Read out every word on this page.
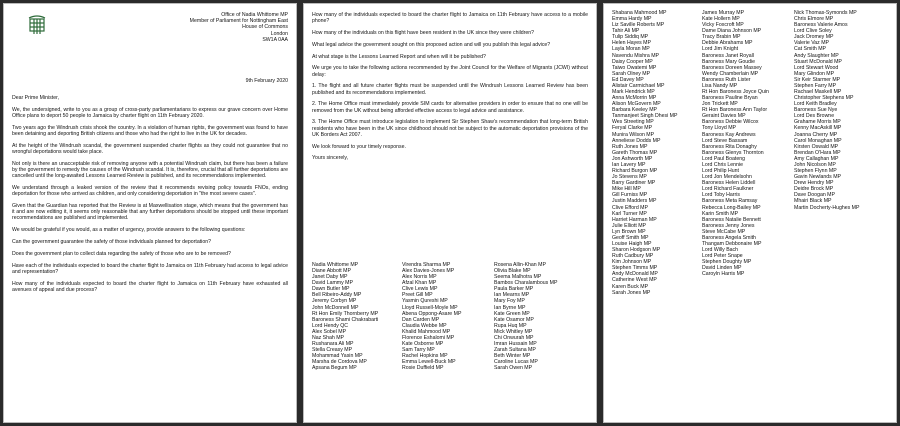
Office of Nadia Whittome MP
Member of Parliament for Nottingham East
House of Commons
London
SW1A 0AA
9th February 2020

Dear Prime Minister,

We, the undersigned, write to you as a group of cross-party parliamentarians to express our grave concern over Home Office plans to deport 50 people to Jamaica by charter flight on 11th February 2020.

Two years ago the Windrush crisis shook the country. In a violation of human rights, the government was found to have been detaining and deporting British citizens and those who had the right to live in the UK for decades.

At the height of the Windrush scandal, the government suspended charter flights as they could not guarantee that no wrongful deportations would take place.

Not only is there an unacceptable risk of removing anyone with a potential Windrush claim, but there has been a failure by the government to remedy the causes of the Windrush scandal. It is, therefore, crucial that all further deportations are cancelled until the long-awaited Lessons Learned Review is published, and its recommendations implemented.

We understand through a leaked version of the review that it recommends revising policy towards FNOs, ending deportation for those who arrived as children, and only considering deportation in "the most severe cases".

Given that the Guardian has reported that the Review is at Maxwellisation stage, which means that the government has it and are now editing it, it seems only reasonable that any further deportations should be stopped until these important recommendations are published and implemented.

We would be grateful if you would, as a matter of urgency, provide answers to the following questions:

Can the government guarantee the safety of those individuals planned for deportation?

Does the government plan to collect data regarding the safety of those who are to be removed?

Have each of the individuals expected to board the charter flight to Jamaica on 11th February had access to legal advice and representation?

How many of the individuals expected to board the charter flight to Jamaica on 11th February have exhausted all avenues of appeal and due process?

How many of the individuals expected to board the charter flight to Jamaica on 11th February have access to a mobile phone?

How many of the individuals on this flight have been resident in the UK since they were children?

What legal advice the government sought on this proposed action and will you publish this legal advice?

At what stage is the Lessons Learned Report and when will it be published?

We urge you to take the following actions recommended by the Joint Council for the Welfare of Migrants (JCWI) without delay:

1. The flight and all future charter flights must be suspended until the Windrush Lessons Learned Review has been published and its recommendations implemented.

2. The Home Office must immediately provide SIM cards for alternative providers in order to ensure that no one will be removed from the UK without being afforded effective access to legal advice and assistance.

3. The Home Office must introduce legislation to implement Sir Stephen Shaw's recommendation that long-term British residents who have been in the UK since childhood should not be subject to the automatic deportation provisions of the UK Borders Act 2007.

We look forward to your timely response.

Yours sincerely,

Nadia Whittome MP
Diane Abbott MP
Janet Daby MP
David Lammy MP
Dawn Butler MP
Bell Ribeiro-Addy MP
Jeremy Corbyn MP
John McDonnell MP
Rt Hon Emily Thornberry MP
Baroness Shami Chakrabarti
Lord Hendy QC
Alex Sobel MP
Naz Shah MP
Rushanara Ali MP
Stella Creasy MP
Mohammad Yasin MP
Marsha de Cordova MP
Apsana Begum MP
Virendra Sharma MP
Alex Davies-Jones MP
Alex Norris MP
Afzal Khan MP
Clive Lewis MP
Preet Gill MP
Yasmin Qureshi MP
Lloyd Russell-Moyle MP
Abena Oppong-Asare MP
Dan Carden MP
Claudia Webbe MP
Khalid Mahmood MP
Florence Eshalomi MP
Kate Osborne MP
Sam Tarry MP
Rachel Hopkins MP
Emma Lewell-Buck MP
Rosie Duffield MP
Rosena Allin-Khan MP
Olivia Blake MP
Seema Malhotra MP
Bambos Charalambous MP
Paula Barker MP
Ian Mearns MP
Mary Foy MP
Ian Byrne MP
Kate Green MP
Kate Osamor MP
Rupa Huq MP
Mick Whitley MP
Chi Onwurah MP
Imran Hussain MP
Zarah Sultana MP
Beth Winter MP
Caroline Lucas MP
Sarah Owen MP
Shabana Mahmood MP
Emma Hardy MP
Liz Saville Roberts MP
Tahir Ali MP
Tulip Siddiq MP
Helen Hayes MP
Layla Moran MP
Navendu Mishra MP
Daisy Cooper MP
Taiwo Owatemi MP
Sarah Olney MP
Ed Davey MP
Alistair Carmichael MP
Mark Hendrick MP
Anna McMorrin MP
Alison McGovern MP
Barbara Keeley MP
Tanmanjeet Singh Dhesi MP
Wes Streeting MP
Feryal Clarke MP
Munira Wilson MP
Anneliese Dodds MP
Ruth Jones MP
Gareth Thomas MP
Jon Ashworth MP
Ian Lavery MP
Richard Burgon MP
Jo Stevens MP
Barry Gardiner MP
Mike Hill MP
Gill Furniss MP
Justin Madders MP
Clive Efford MP
Karl Turner MP
Harriet Harman MP
Julie Elliott MP
Lyn Brown MP
Geoff Smith MP
Louise Haigh MP
Sharon Hodgson MP
Ruth Cadbury MP
Kim Johnson MP
Stephen Timms MP
Andy McDonald MP
Catherine West MP
Karen Buck MP
Sarah Jones MP
James Murray MP
Kate Hollern MP
Vicky Foxcroft MP
Dame Diana Johnson MP
Tracy Brabin MP
Debbie Abrahams MP
Lord Jim Knight
Baroness Janet Royall
Baroness Mary Goudie
Baroness Doreen Massey
Wendy Chamberlain MP
Baroness Ruth Lister
Lisa Nandy MP
Rt Hon Baroness Joyce Quin
Baroness Pauline Bryan
Jon Trickett MP
Rt Hon Baroness Ann Taylor
Geraint Davies MP
Baroness Debbie Wilcox
Tony Lloyd MP
Baroness Kay Andrews
Lord Steve Bassam
Baroness Rita Donaghy
Baroness Glenys Thornton
Lord Paul Boateng
Lord Chris Lennie
Lord Philip Hunt
Lord Jon Mendelsohn
Baroness Helen Liddell
Lord Richard Faulkner
Lord Toby Harris
Baroness Meta Ramsay
Rebecca Long-Bailey MP
Karin Smith MP
Baroness Natalie Bennett
Baroness Jenny Jones
Steve McCabe MP
Baroness Angela Smith
Thangam Debbonaire MP
Lord Willy Bach
Lord Peter Snape
Stephen Doughty MP
David Linden MP
Caroyln Harris MP
Nick Thomas-Symonds MP
Chris Elmore MP
Baroness Valerie Amos
Lord Clive Soley
Jack Dromey MP
Valerie Vaz MP
Cat Smith MP
Andy Slaughter MP
Stuart McDonald MP
Lord Stewart Wood
Mary Glindon MP
Sir Keir Starmer MP
Stephen Farry MP
Rachael Maskell MP
Christopher Stephens MP
Lord Keith Bradley
Baroness Sue Nye
Lord Des Browne
Grahame Morris MP
Kenny MacAskill MP
Joanna Cherry MP
Carol Monaghan MP
Kirsten Oswald MP
Brendan O'Hara MP
Amy Callaghan MP
John Nicolson MP
Stephen Flynn MP
Gavin Newlands MP
Drew Hendry MP
Deidre Brock MP
Dave Doogan MP
Mhairi Black MP
Martin Docherty-Hughes MP
